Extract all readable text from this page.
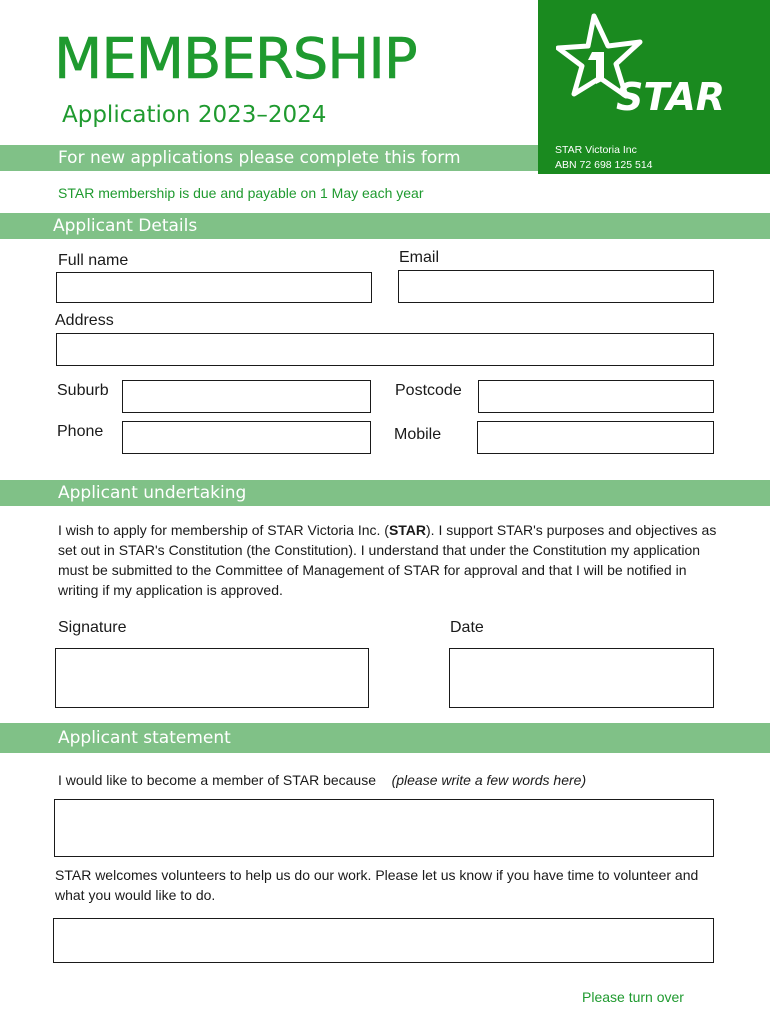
MEMBERSHIP
Application 2023–2024	STAR
STAR Victoria Inc
ABN 72 698 125 514
For new applications please complete this form
STAR membership is due and payable on 1 May each year
Applicant Details
Full name	Email
Address
Suburb	Postcode
Phone	Mobile
Applicant undertaking
I wish to apply for membership of STAR Victoria Inc. (STAR). I support STAR's purposes and objectives as set out in STAR's Constitution (the Constitution). I understand that under the Constitution my application must be submitted to the Committee of Management of STAR for approval and that I will be notified in writing if my application is approved.
Signature	Date
Applicant statement
I would like to become a member of STAR because (please write a few words here)
STAR welcomes volunteers to help us do our work. Please let us know if you have time to volunteer and what you would like to do.
Please turn over
